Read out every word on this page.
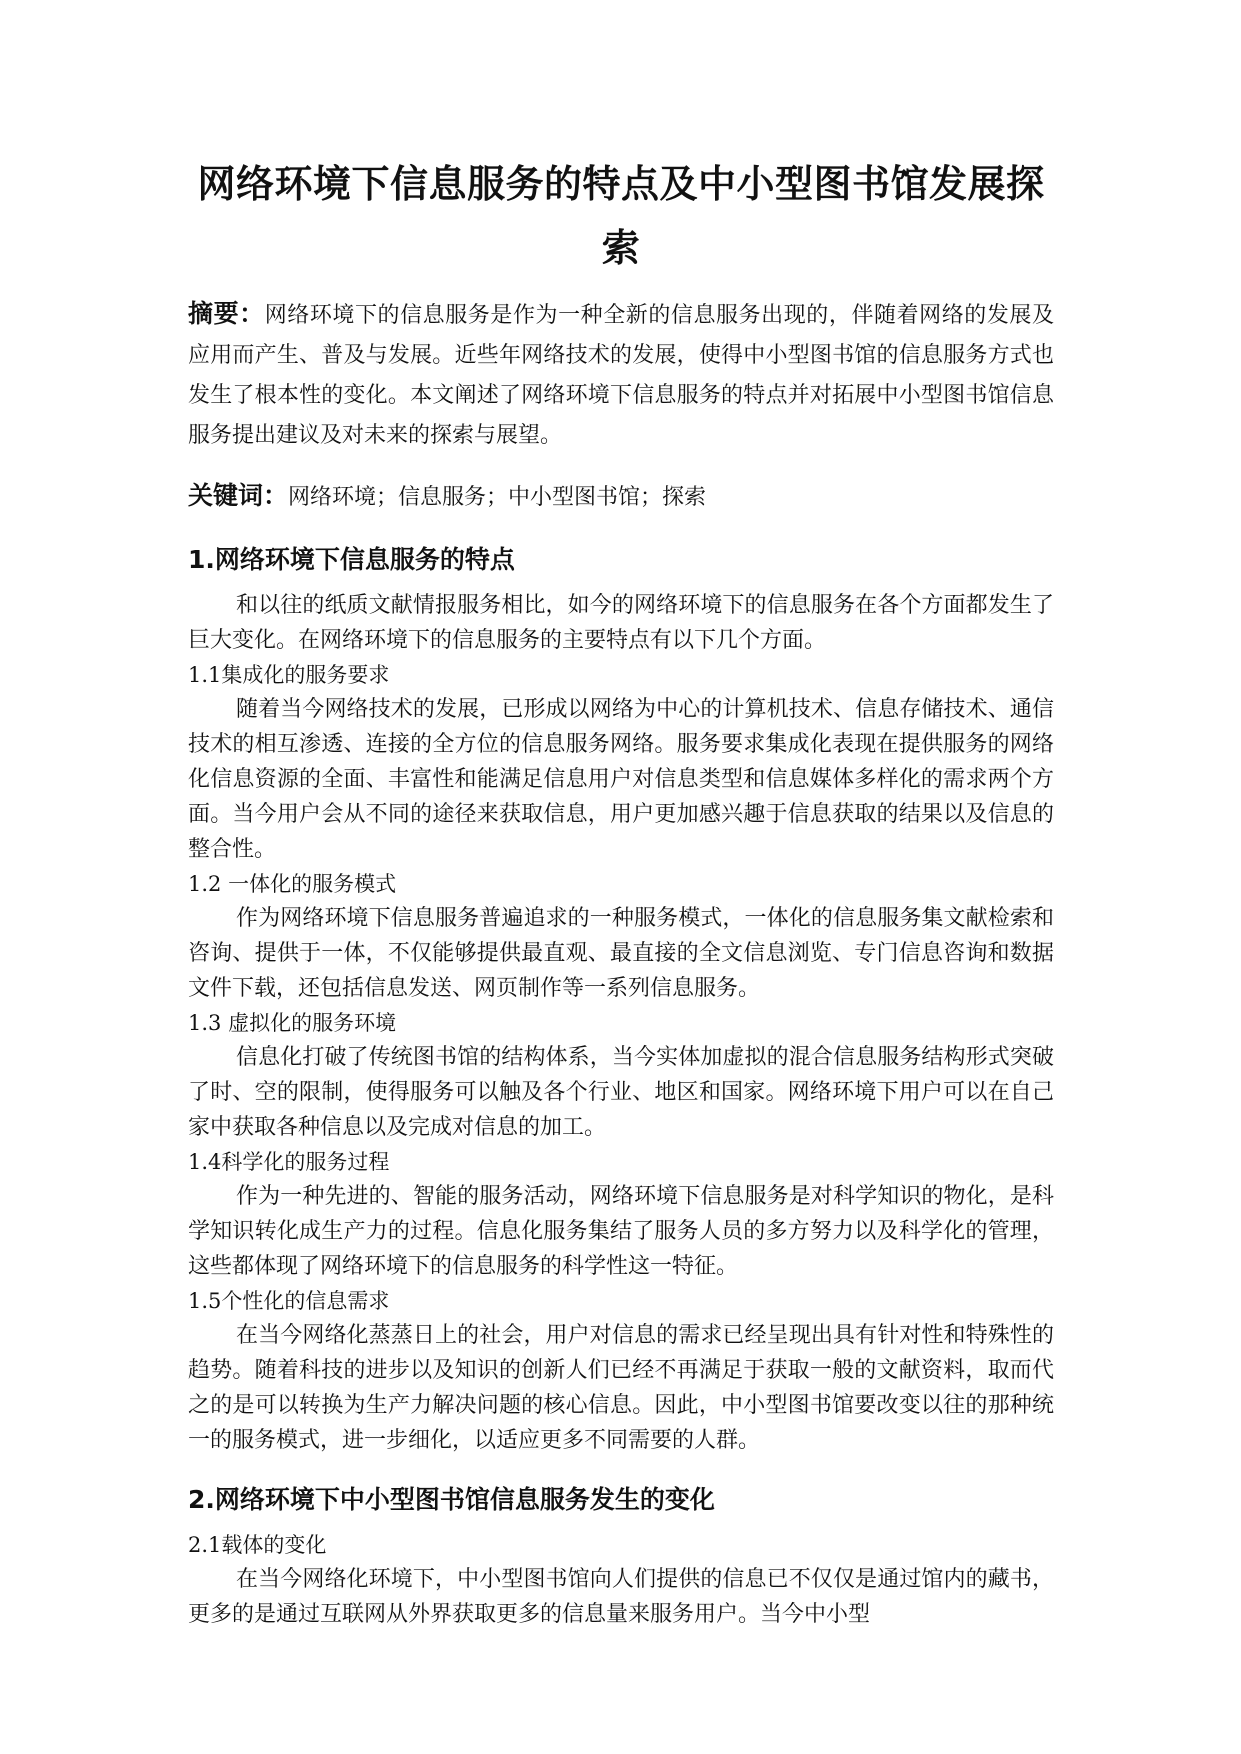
网络环境下信息服务的特点及中小型图书馆发展探索

摘要：网络环境下的信息服务是作为一种全新的信息服务出现的，伴随着网络的发展及应用而产生、普及与发展。近些年网络技术的发展，使得中小型图书馆的信息服务方式也发生了根本性的变化。本文阐述了网络环境下信息服务的特点并对拓展中小型图书馆信息服务提出建议及对未来的探索与展望。

关键词：网络环境；信息服务；中小型图书馆；探索

1.网络环境下信息服务的特点

和以往的纸质文献情报服务相比，如今的网络环境下的信息服务在各个方面都发生了巨大变化。在网络环境下的信息服务的主要特点有以下几个方面。

1.1集成化的服务要求

随着当今网络技术的发展，已形成以网络为中心的计算机技术、信息存储技术、通信技术的相互渗透、连接的全方位的信息服务网络。服务要求集成化表现在提供服务的网络化信息资源的全面、丰富性和能满足信息用户对信息类型和信息媒体多样化的需求两个方面。当今用户会从不同的途径来获取信息，用户更加感兴趣于信息获取的结果以及信息的整合性。

1.2 一体化的服务模式

作为网络环境下信息服务普遍追求的一种服务模式，一体化的信息服务集文献检索和咨询、提供于一体，不仅能够提供最直观、最直接的全文信息浏览、专门信息咨询和数据文件下载，还包括信息发送、网页制作等一系列信息服务。

1.3 虚拟化的服务环境

信息化打破了传统图书馆的结构体系，当今实体加虚拟的混合信息服务结构形式突破了时、空的限制，使得服务可以触及各个行业、地区和国家。网络环境下用户可以在自己家中获取各种信息以及完成对信息的加工。

1.4科学化的服务过程

作为一种先进的、智能的服务活动，网络环境下信息服务是对科学知识的物化，是科学知识转化成生产力的过程。信息化服务集结了服务人员的多方努力以及科学化的管理，这些都体现了网络环境下的信息服务的科学性这一特征。

1.5个性化的信息需求

在当今网络化蒸蒸日上的社会，用户对信息的需求已经呈现出具有针对性和特殊性的趋势。随着科技的进步以及知识的创新人们已经不再满足于获取一般的文献资料，取而代之的是可以转换为生产力解决问题的核心信息。因此，中小型图书馆要改变以往的那种统一的服务模式，进一步细化，以适应更多不同需要的人群。

2.网络环境下中小型图书馆信息服务发生的变化
2.1载体的变化

在当今网络化环境下，中小型图书馆向人们提供的信息已不仅仅是通过馆内的藏书，更多的是通过互联网从外界获取更多的信息量来服务用户。当今中小型
